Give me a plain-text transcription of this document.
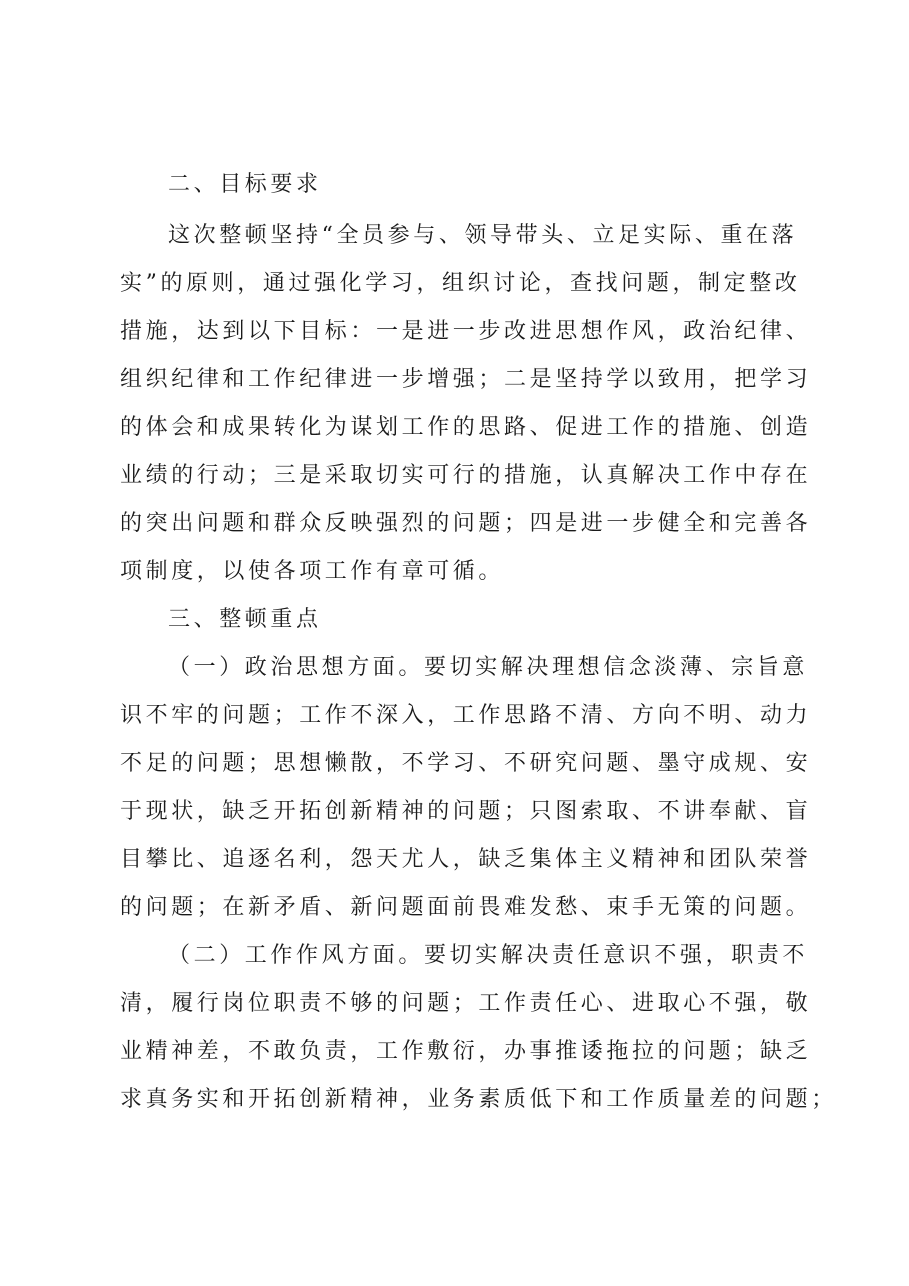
二、目标要求
这次整顿坚持“全员参与、领导带头、立足实际、重在落
实”的原则，通过强化学习，组织讨论，查找问题，制定整改
措施，达到以下目标：一是进一步改进思想作风，政治纪律、
组织纪律和工作纪律进一步增强；二是坚持学以致用，把学习
的体会和成果转化为谋划工作的思路、促进工作的措施、创造
业绩的行动；三是采取切实可行的措施，认真解决工作中存在
的突出问题和群众反映强烈的问题；四是进一步健全和完善各
项制度，以使各项工作有章可循。
三、整顿重点
（一）政治思想方面。要切实解决理想信念淡薄、宗旨意
识不牢的问题；工作不深入，工作思路不清、方向不明、动力
不足的问题；思想懒散，不学习、不研究问题、墨守成规、安
于现状，缺乏开拓创新精神的问题；只图索取、不讲奉献、盲
目攀比、追逐名利，怨天尤人，缺乏集体主义精神和团队荣誉
的问题；在新矛盾、新问题面前畏难发愁、束手无策的问题。
（二）工作作风方面。要切实解决责任意识不强，职责不
清，履行岗位职责不够的问题；工作责任心、进取心不强，敬
业精神差，不敢负责，工作敷衍，办事推诿拖拉的问题；缺乏
求真务实和开拓创新精神，业务素质低下和工作质量差的问题；
